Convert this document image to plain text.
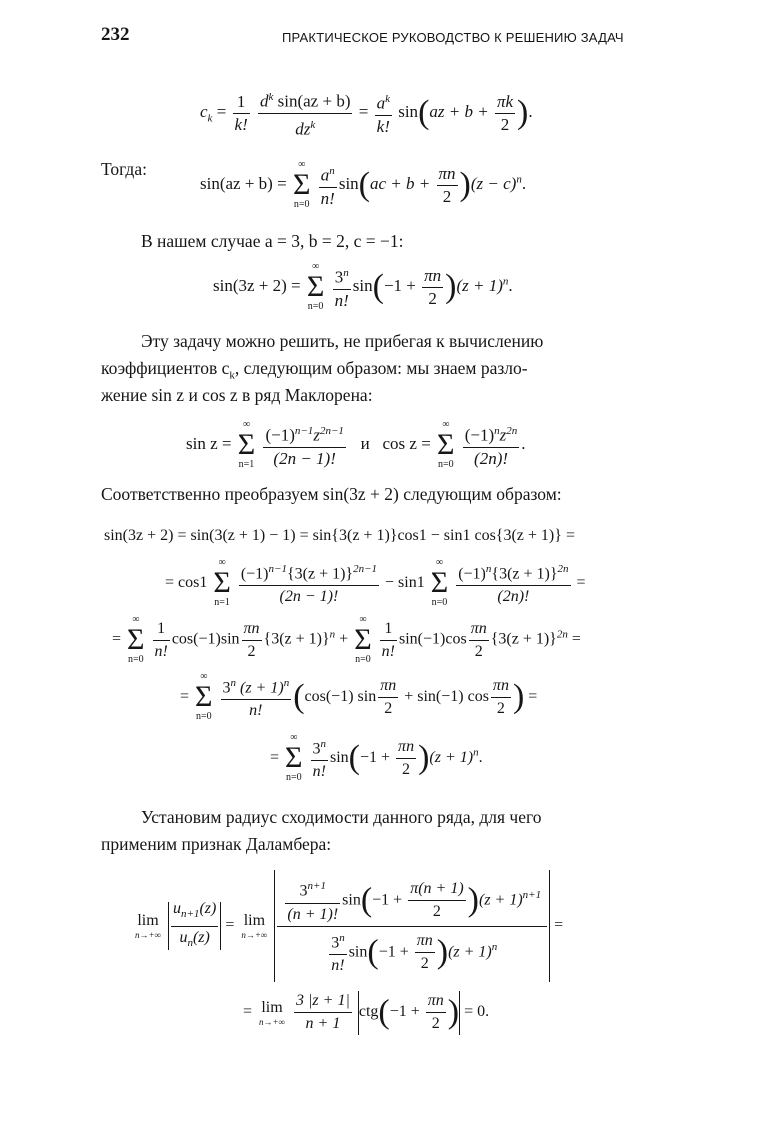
232	ПРАКТИЧЕСКОЕ РУКОВОДСТВО К РЕШЕНИЮ ЗАДАЧ
$c_k = \frac{1}{k!}$
$\frac{d^k \sin(az + b)}{dz^k} = \frac{a^k}{k!} \sin(az + b + \frac{\pi k}{2}$ ).
Тогда:
sin(az + b) =
∞
Σ
n=0
$\frac{a^n}{n!} \sin(ac + b + \frac{\pi n}{2} )(z - c)^n$.
В нашем случае a = 3, b = 2, c = −1:
sin(3z + 2) =
∞
Σ
n=0
$\frac{3^n}{n!} \sin(-1 + \frac{\pi n}{2} )(z + 1)^n$.
Эту задачу можно решить, не прибегая к вычислению
коэффициентов $c_k$, следующим образом: мы знаем разло-
жение sin z и cos z в ряд Маклорена:
sin z =
∞
Σ
n=1
$\frac{(-1)^{n-1}z^{2n-1}}{(2n - 1)!}$ и cos z =
∞
Σ
n=0
$\frac{(-1)^nz^{2n}}{(2n)!}$ .
Соответственно преобразуем sin(3z + 2) следующим образом:
sin(3z + 2) = sin(3(z + 1) − 1) = sin{3(z + 1)}cos1 − sin1 cos{3(z + 1)} =
= cos1
∞
Σ
n=1
$\frac{(-1)^{n-1}\{3(z + 1)\}^{2n-1}}{(2n - 1)!} - \sin 1$
∞
Σ
n=0
$\frac{(-1)^n\{3(z + 1)\}^{2n}}{(2n)!}$ =
=
∞
Σ
n=0
$\frac{1}{n!} \cos(-1)\sin \frac{\pi n}{2} \{3(z + 1)\}^n$ +
∞
Σ
n=0
$\frac{1}{n!} \sin(-1)\cos \frac{\pi n}{2} \{3(z + 1)\}^{2n}$ =
=
∞
Σ
n=0
$\frac{3^n (z + 1)^n}{n!} (\cos(-1)$ $\sin \frac{\pi n}{2} + \sin(-1)$ $\cos \frac{\pi n}{2}$ ) =
=
∞
Σ
n=0
$\frac{3^n}{n!} \sin(-1 + \frac{\pi n}{2} )(z + 1)^n$.
Установим радиус сходимости данного ряда, для чего
применим признак Даламбера:
lim
n→+∞
$\frac{u_{n+1}(z)}{u_n(z)} = \lim$
n→+∞
$\frac{\frac{3^{n+1}}{(n + 1)!} \sin(-1 + \frac{\pi(n + 1)}{2} )(z + 1)^{n+1}}{\frac{3^n}{n!} \sin(-1 + \frac{\pi n}{2} )(z + 1)^n}$ =
= lim
n→+∞
$\frac{3 |z + 1|}{n + 1} ctg(-1 + \frac{\pi n}{2}$ ) = 0.
